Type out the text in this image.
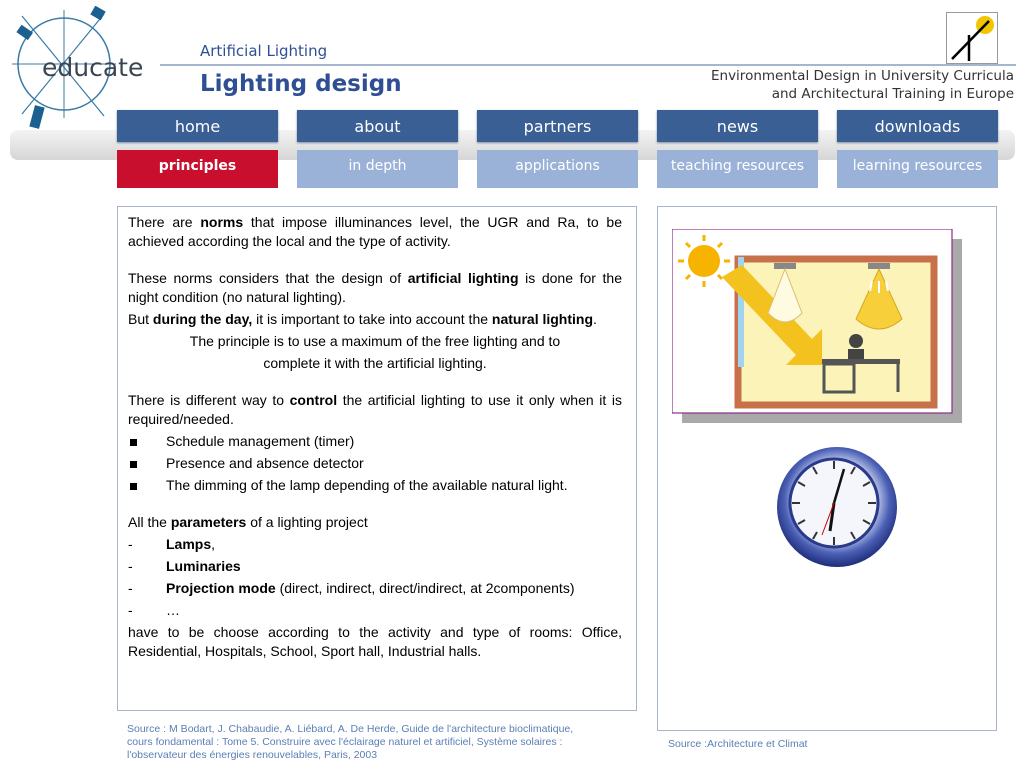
educate
Artificial Lighting
Lighting design	Environmental Design in University Curricula
and Architectural Training in Europe
home	about	partners	news	downloads
principles	in depth	applications	teaching resources	learning resources

There are norms that impose illuminances level, the UGR and Ra, to be achieved according the local and the type of activity.

These norms considers that the design of artificial lighting is done for the night condition (no natural lighting).

But during the day, it is important to take into account the natural lighting.

The principle is to use a maximum of the free lighting and to

complete it with the artificial lighting.

There is different way to control the artificial lighting to use it only when it is required/needed.

Schedule management (timer)
Presence and absence detector
The dimming of the lamp depending of the available natural light.

All the parameters of a lighting project

-	Lamps,
-	Luminaries
-	Projection mode (direct, indirect, direct/indirect, at 2components)
-	…

have to be choose according to the activity and type of rooms: Office, Residential, Hospitals, School, Sport hall, Industrial halls.

Source : M Bodart, J. Chabaudie, A. Liébard, A. De Herde, Guide de l'architecture bioclimatique,
cours fondamental : Tome 5. Construire avec l'éclairage naturel et artificiel, Système solaires :
l'observateur des énergies renouvelables, Paris, 2003
Source :Architecture et Climat
